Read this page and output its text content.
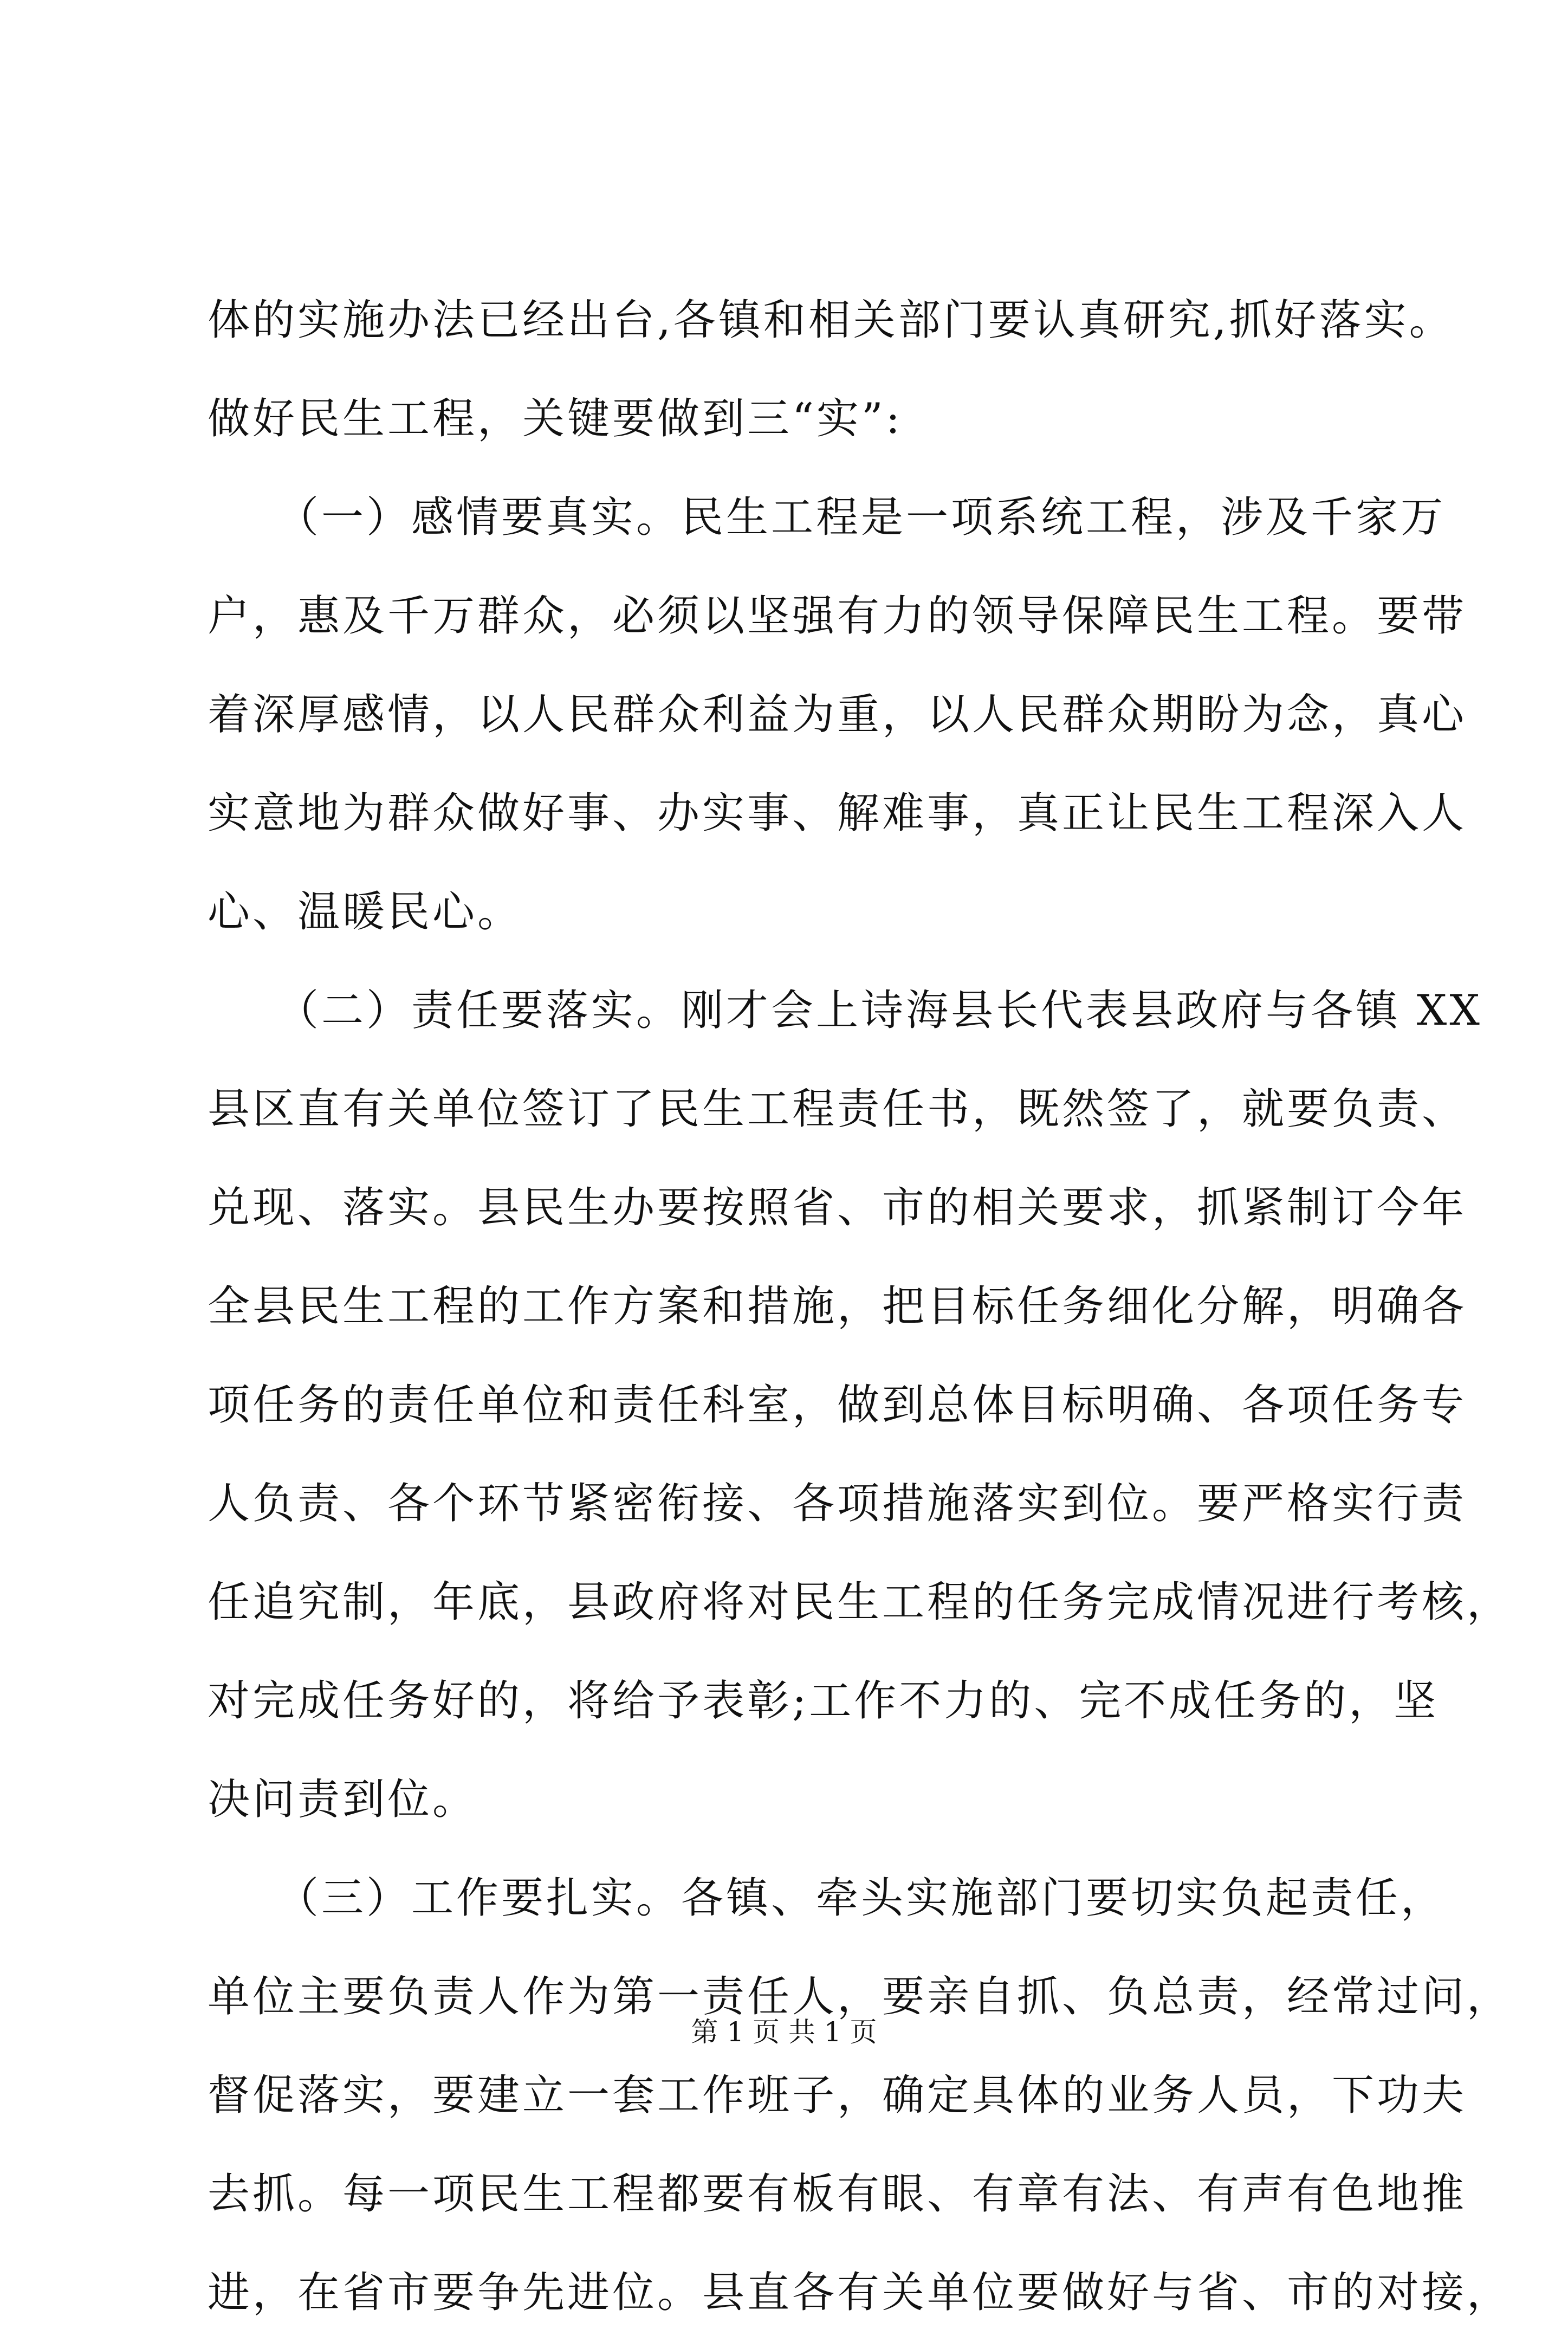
体的实施办法已经出台,各镇和相关部门要认真研究,抓好落实。
做好民生工程，关键要做到三“实”:
　　（一）感情要真实。民生工程是一项系统工程，涉及千家万
户，惠及千万群众，必须以坚强有力的领导保障民生工程。要带
着深厚感情，以人民群众利益为重，以人民群众期盼为念，真心
实意地为群众做好事、办实事、解难事，真正让民生工程深入人
心、温暖民心。
　　（二）责任要落实。刚才会上诗海县长代表县政府与各镇 XX
县区直有关单位签订了民生工程责任书，既然签了，就要负责、
兑现、落实。县民生办要按照省、市的相关要求，抓紧制订今年
全县民生工程的工作方案和措施，把目标任务细化分解，明确各
项任务的责任单位和责任科室，做到总体目标明确、各项任务专
人负责、各个环节紧密衔接、各项措施落实到位。要严格实行责
任追究制，年底，县政府将对民生工程的任务完成情况进行考核，
对完成任务好的，将给予表彰;工作不力的、完不成任务的，坚
决问责到位。
　　（三）工作要扎实。各镇、牵头实施部门要切实负起责任，
单位主要负责人作为第一责任人，要亲自抓、负总责，经常过问，
督促落实，要建立一套工作班子，确定具体的业务人员，下功夫
去抓。每一项民生工程都要有板有眼、有章有法、有声有色地推
进，在省市要争先进位。县直各有关单位要做好与省、市的对接，
第 1 页 共 1 页
